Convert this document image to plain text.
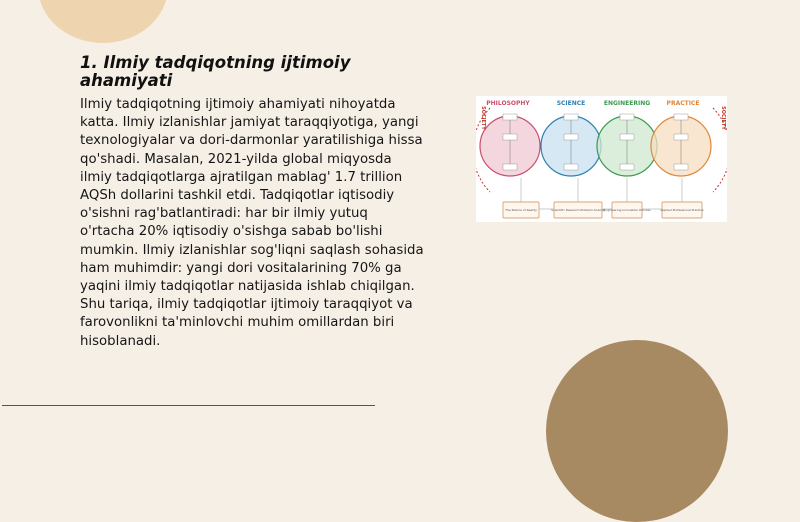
1. Ilmiy tadqiqotning ijtimoiy ahamiyati

Ilmiy tadqiqotning ijtimoiy ahamiyati nihoyatda katta. Ilmiy izlanishlar jamiyat taraqqiyotiga, yangi texnologiyalar va dori-darmonlar yaratilishiga hissa qo'shadi. Masalan, 2021-yilda global miqyosda ilmiy tadqiqotlarga ajratilgan mablag' 1.7 trillion AQSh dollarini tashkil etdi. Tadqiqotlar iqtisodiy o'sishni rag'batlantiradi: har bir ilmiy yutuq o'rtacha 20% iqtisodiy o'sishga sabab bo'lishi mumkin. Ilmiy izlanishlar sog'liqni saqlash sohasida ham muhimdir: yangi dori vositalarining 70% ga yaqini ilmiy tadqiqotlar natijasida ishlab chiqilgan. Shu tariqa, ilmiy tadqiqotlar ijtimoiy taraqqiyot va farovonlikni ta'minlovchi muhim omillardan biri hisoblanadi.

PHILOSOPHY	SCIENCE	ENGINEERING	PRACTICE
SOCIETY	SOCIETY
The Nature of Reality	Scientific Research Problem-Solving
Engineering Innovation Process	Applied Professional Practice
